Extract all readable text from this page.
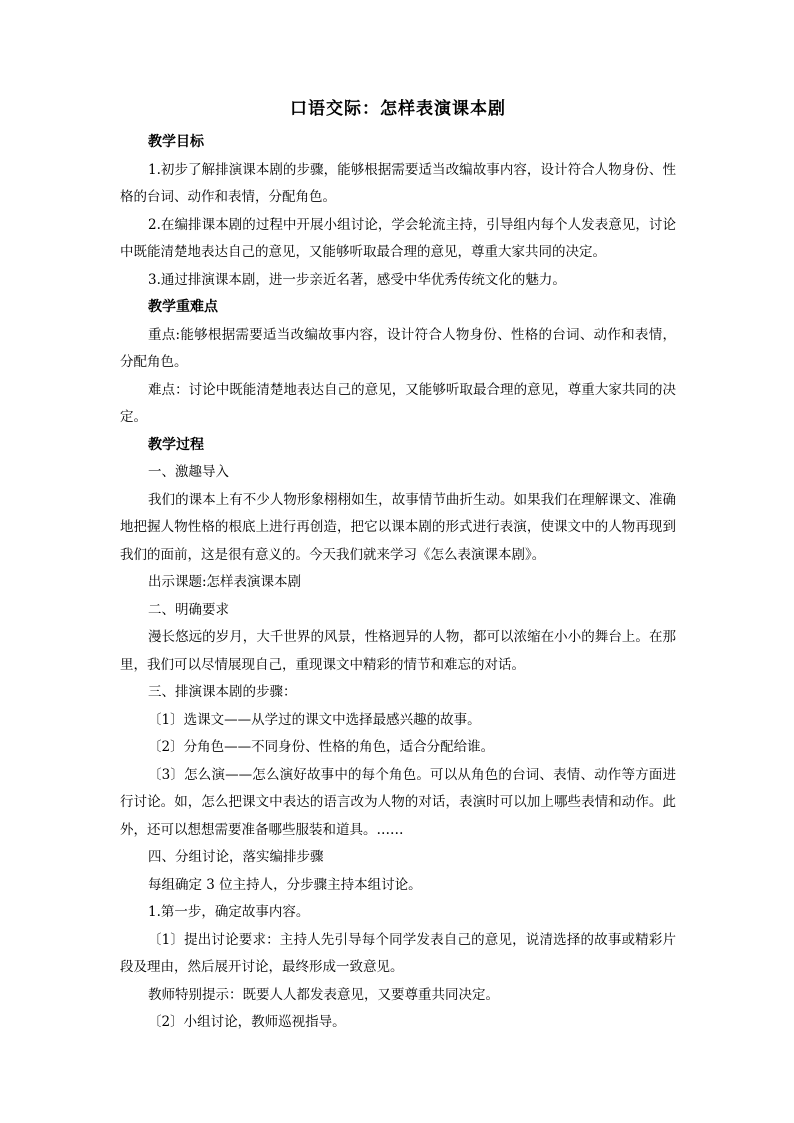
口语交际：怎样表演课本剧

教学目标

1.初步了解排演课本剧的步骤，能够根据需要适当改编故事内容，设计符合人物身份、性格的台词、动作和表情，分配角色。

2.在编排课本剧的过程中开展小组讨论，学会轮流主持，引导组内每个人发表意见，讨论中既能清楚地表达自己的意见，又能够听取最合理的意见，尊重大家共同的决定。

3.通过排演课本剧，进一步亲近名著，感受中华优秀传统文化的魅力。

教学重难点

重点:能够根据需要适当改编故事内容，设计符合人物身份、性格的台词、动作和表情，分配角色。

难点：讨论中既能清楚地表达自己的意见，又能够听取最合理的意见，尊重大家共同的决定。

教学过程

一、激趣导入

我们的课本上有不少人物形象栩栩如生，故事情节曲折生动。如果我们在理解课文、准确地把握人物性格的根底上进行再创造，把它以课本剧的形式进行表演，使课文中的人物再现到我们的面前，这是很有意义的。今天我们就来学习《怎么表演课本剧》。

出示课题:怎样表演课本剧

二、明确要求

漫长悠远的岁月，大千世界的风景，性格迥异的人物，都可以浓缩在小小的舞台上。在那里，我们可以尽情展现自己，重现课文中精彩的情节和难忘的对话。

三、排演课本剧的步骤：

〔1〕选课文——从学过的课文中选择最感兴趣的故事。

〔2〕分角色——不同身份、性格的角色，适合分配给谁。

〔3〕怎么演——怎么演好故事中的每个角色。可以从角色的台词、表情、动作等方面进行讨论。如，怎么把课文中表达的语言改为人物的对话，表演时可以加上哪些表情和动作。此外，还可以想想需要准备哪些服装和道具。……

四、分组讨论，落实编排步骤

每组确定 3 位主持人，分步骤主持本组讨论。

1.第一步，确定故事内容。

〔1〕提出讨论要求：主持人先引导每个同学发表自己的意见，说清选择的故事或精彩片段及理由，然后展开讨论，最终形成一致意见。

教师特别提示：既要人人都发表意见，又要尊重共同决定。

〔2〕小组讨论，教师巡视指导。
